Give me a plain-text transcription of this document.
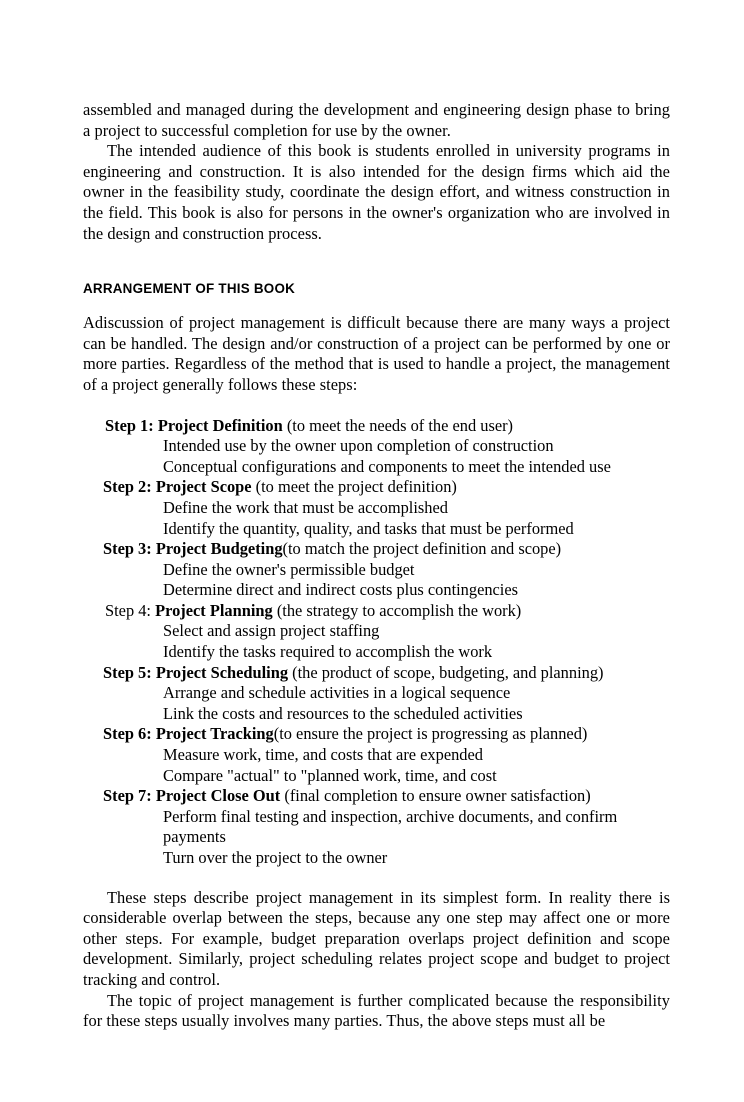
assembled and managed during the development and engineering design phase to bring a project to successful completion for use by the owner.

The intended audience of this book is students enrolled in university programs in engineering and construction. It is also intended for the design firms which aid the owner in the feasibility study, coordinate the design effort, and witness construction in the field. This book is also for persons in the owner's organization who are involved in the design and construction process.

ARRANGEMENT OF THIS BOOK

Adiscussion of project management is difficult because there are many ways a project can be handled. The design and/or construction of a project can be performed by one or more parties. Regardless of the method that is used to handle a project, the management of a project generally follows these steps:

Step 1: Project Definition (to meet the needs of the end user)
Intended use by the owner upon completion of construction
Conceptual configurations and components to meet the intended use
Step 2: Project Scope (to meet the project definition)
Define the work that must be accomplished
Identify the quantity, quality, and tasks that must be performed
Step 3: Project Budgeting(to match the project definition and scope)
Define the owner's permissible budget
Determine direct and indirect costs plus contingencies
Step 4: Project Planning (the strategy to accomplish the work)
Select and assign project staffing
Identify the tasks required to accomplish the work
Step 5: Project Scheduling (the product of scope, budgeting, and planning)
Arrange and schedule activities in a logical sequence
Link the costs and resources to the scheduled activities
Step 6: Project Tracking(to ensure the project is progressing as planned)
Measure work, time, and costs that are expended
Compare "actual" to "planned work, time, and cost
Step 7: Project Close Out (final completion to ensure owner satisfaction)
Perform final testing and inspection, archive documents, and confirm payments
Turn over the project to the owner

These steps describe project management in its simplest form. In reality there is considerable overlap between the steps, because any one step may affect one or more other steps. For example, budget preparation overlaps project definition and scope development. Similarly, project scheduling relates project scope and budget to project tracking and control.

The topic of project management is further complicated because the responsibility for these steps usually involves many parties. Thus, the above steps must all be
